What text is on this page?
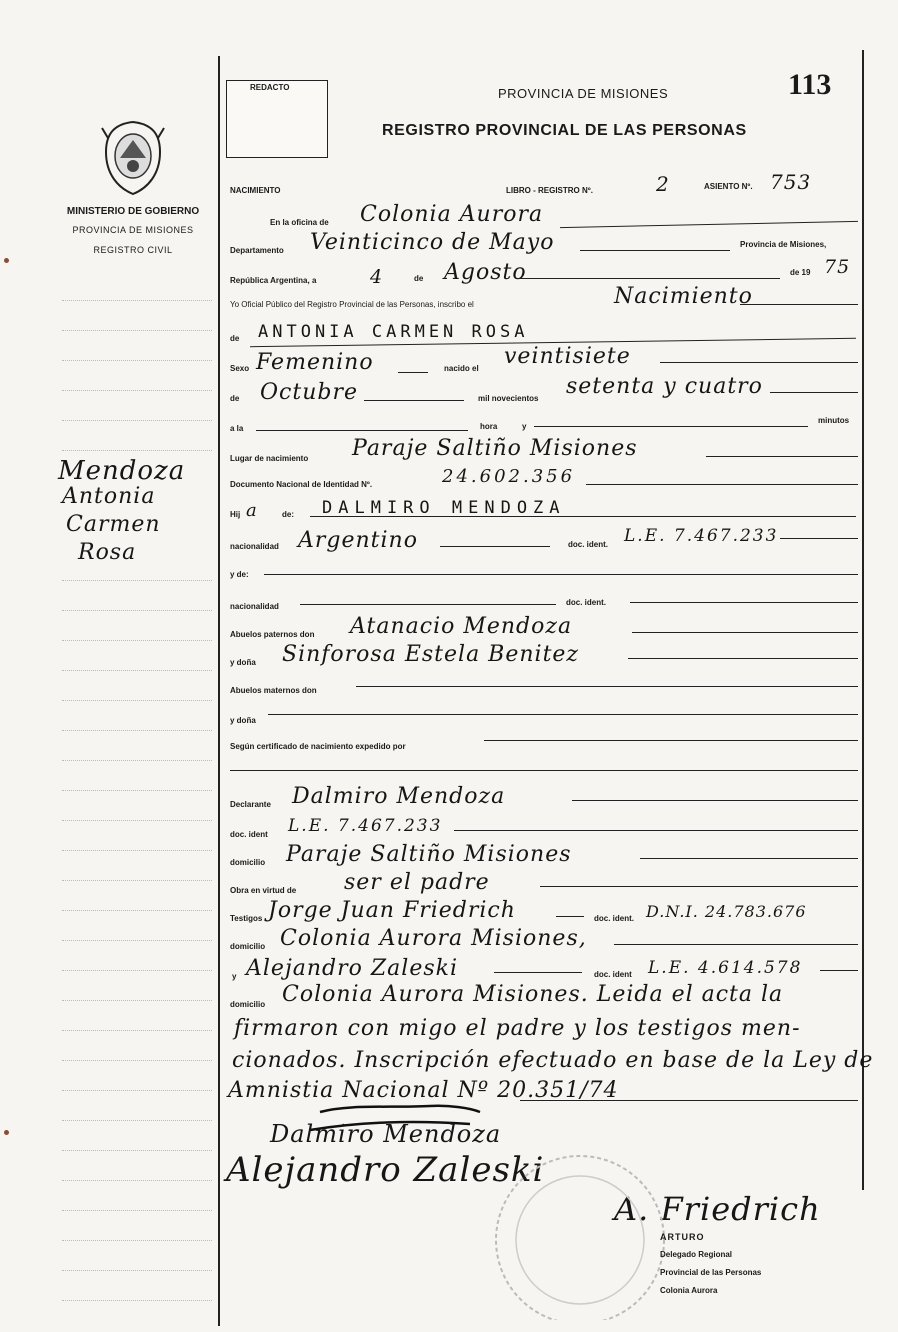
MINISTERIO DE GOBIERNO
PROVINCIA DE MISIONES
REGISTRO CIVIL
Mendoza
Antonia
Carmen
Rosa
REDACTO	PROVINCIA DE MISIONES	113
REGISTRO PROVINCIAL DE LAS PERSONAS
NACIMIENTO	LIBRO - REGISTRO Nº.	2	ASIENTO Nº. 753
En la oficina de Colonia Aurora
Departamento Veinticinco de Mayo	Provincia de Misiones,
República Argentina, a	4	de Agosto	de 19 75
Yo Oficial Público del Registro Provincial de las Personas, inscribo el	Nacimiento
de ANTONIA CARMEN ROSA
Sexo Femenino	nacido el veintisiete
de Octubre	mil novecientos setenta y cuatro
a la	hora	y
minutos
Lugar de nacimiento Paraje Saltiño Misiones
Documento Nacional de Identidad Nº.	24.602.356
Hij a	de: DALMIRO MENDOZA
nacionalidad Argentino	doc. ident. L.E. 7.467.233
y de:
nacionalidad	doc. ident.
Abuelos paternos don Atanacio Mendoza
y doña Sinforosa Estela Benitez
Abuelos maternos don
y doña
Según certificado de nacimiento expedido por
Declarante Dalmiro Mendoza
doc. ident L.E. 7.467.233
domicilio Paraje Saltiño Misiones
Obra en virtud de ser el padre
Testigos Jorge Juan Friedrich	doc. ident. D.N.I. 24.783.676
domicilio Colonia Aurora Misiones,
y Alejandro Zaleski	doc. ident L.E. 4.614.578
domicilio Colonia Aurora Misiones. Leida el acta la
firmaron con migo el padre y los testigos men-
cionados. Inscripción efectuado en base de la Ley de
Amnistia Nacional Nº 20.351/74
Dalmiro Mendoza
Alejandro Zaleski
A. Friedrich
ARTURO
Delegado Regional
Provincial de las Personas
Colonia Aurora
